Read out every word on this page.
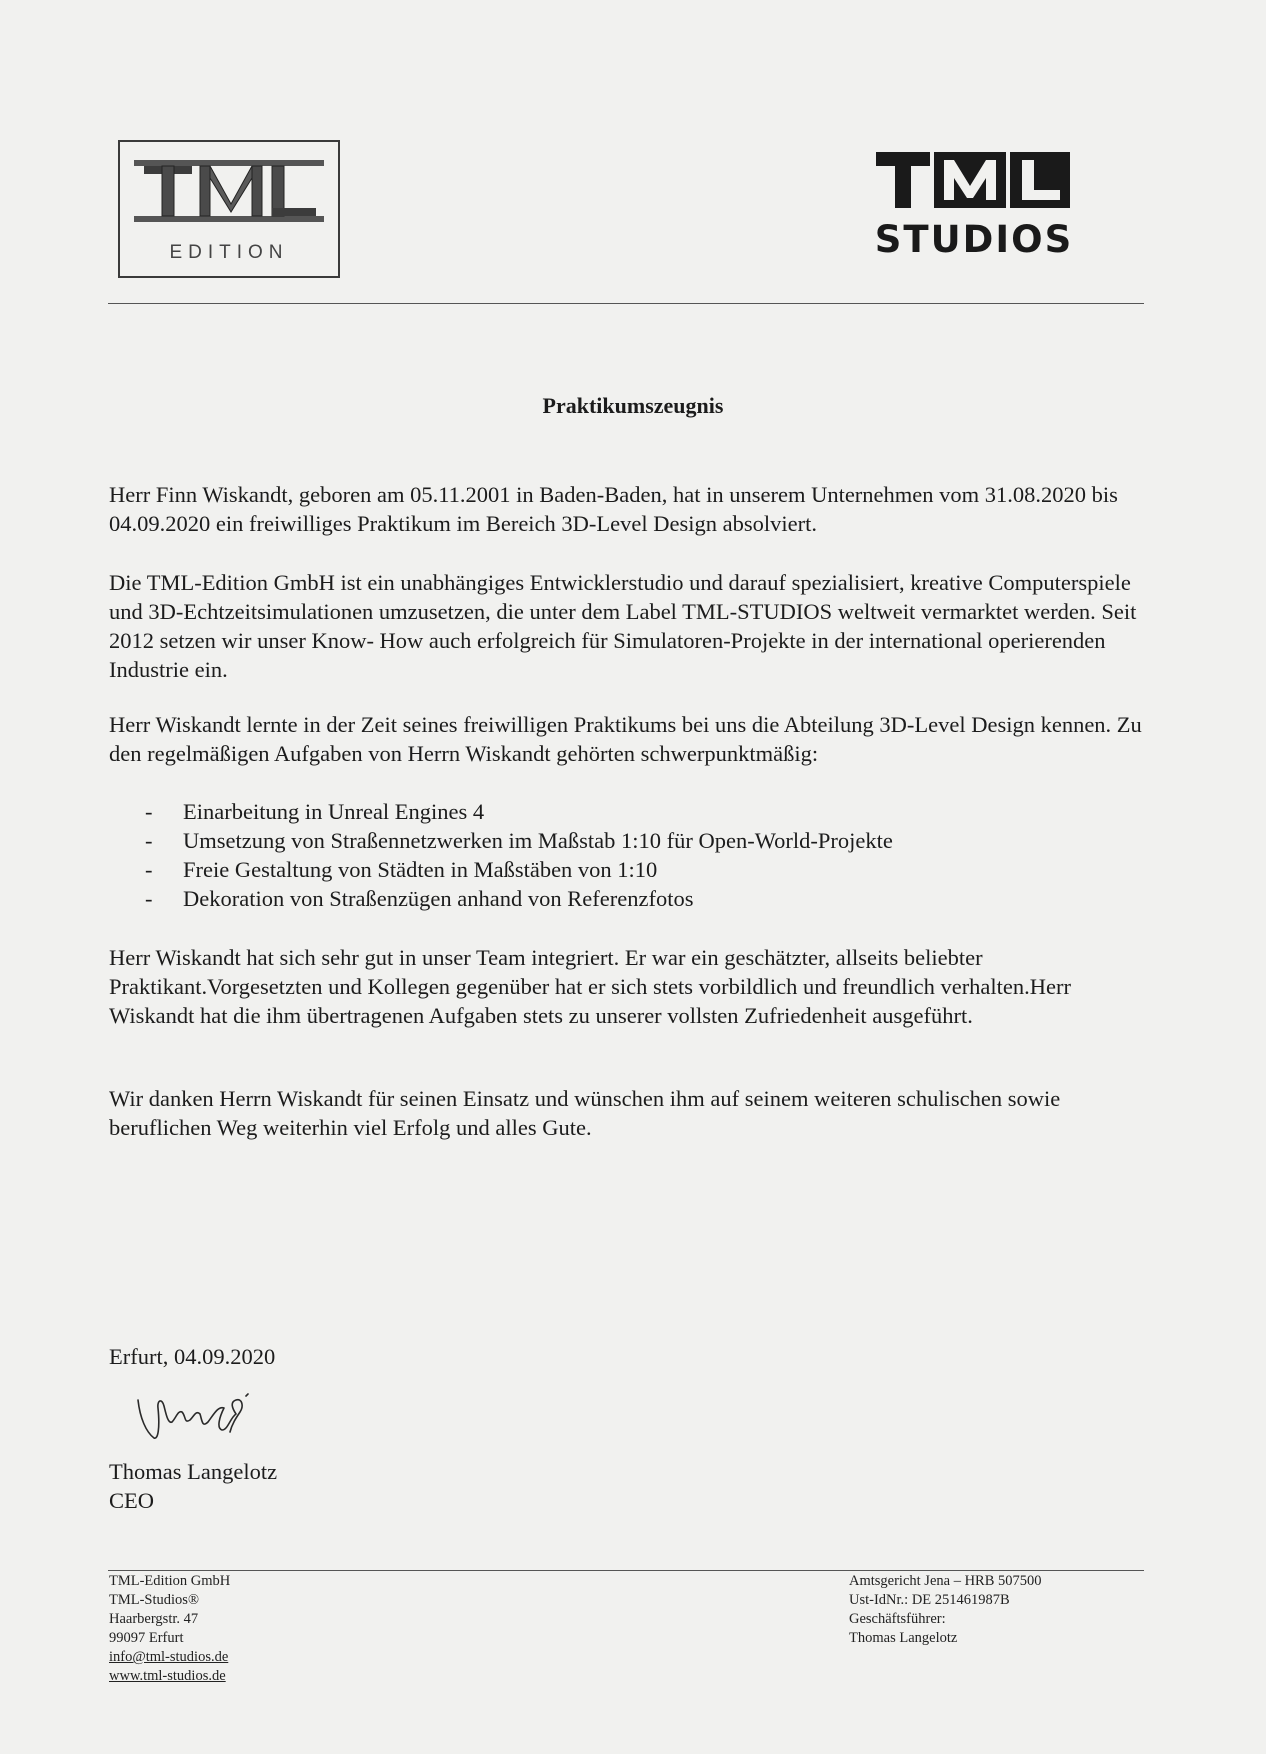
EDITION	STUDIOS
Praktikumszeugnis

Herr Finn Wiskandt, geboren am 05.11.2001 in Baden-Baden, hat in unserem Unternehmen vom 31.08.2020 bis 04.09.2020 ein freiwilliges Praktikum im Bereich 3D-Level Design absolviert.

Die TML-Edition GmbH ist ein unabhängiges Entwicklerstudio und darauf spezialisiert, kreative Computerspiele und 3D-Echtzeitsimulationen umzusetzen, die unter dem Label TML-STUDIOS weltweit vermarktet werden. Seit 2012 setzen wir unser Know- How auch erfolgreich für Simulatoren-Projekte in der international operierenden Industrie ein.

Herr Wiskandt lernte in der Zeit seines freiwilligen Praktikums bei uns die Abteilung 3D-Level Design kennen. Zu den regelmäßigen Aufgaben von Herrn Wiskandt gehörten schwerpunktmäßig:

- Einarbeitung in Unreal Engines 4
- Umsetzung von Straßennetzwerken im Maßstab 1:10 für Open-World-Projekte
- Freie Gestaltung von Städten in Maßstäben von 1:10
- Dekoration von Straßenzügen anhand von Referenzfotos

Herr Wiskandt hat sich sehr gut in unser Team integriert. Er war ein geschätzter, allseits beliebter Praktikant.Vorgesetzten und Kollegen gegenüber hat er sich stets vorbildlich und freundlich verhalten.Herr Wiskandt hat die ihm übertragenen Aufgaben stets zu unserer vollsten Zufriedenheit ausgeführt.

Wir danken Herrn Wiskandt für seinen Einsatz und wünschen ihm auf seinem weiteren schulischen sowie beruflichen Weg weiterhin viel Erfolg und alles Gute.

Erfurt, 04.09.2020
Thomas Langelotz
CEO
TML-Edition GmbH
TML-Studios®
Haarbergstr. 47
99097 Erfurt
info@tml-studios.de
www.tml-studios.de
Amtsgericht Jena – HRB 507500
Ust-IdNr.: DE 251461987B
Geschäftsführer:
Thomas Langelotz
